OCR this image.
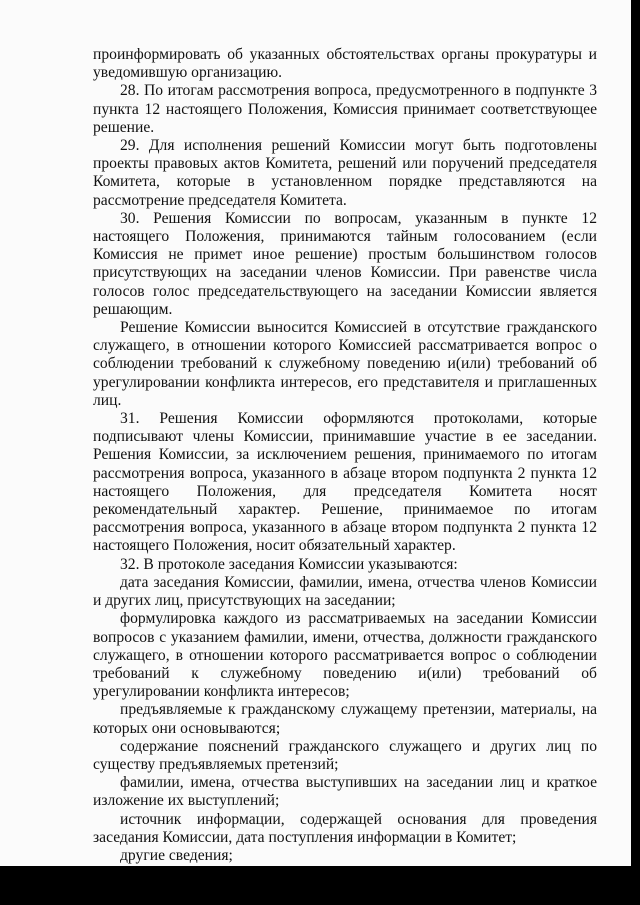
проинформировать об указанных обстоятельствах органы прокуратуры и уведомившую организацию.

28. По итогам рассмотрения вопроса, предусмотренного в подпункте 3 пункта 12 настоящего Положения, Комиссия принимает соответствующее решение.

29. Для исполнения решений Комиссии могут быть подготовлены проекты правовых актов Комитета, решений или поручений председателя Комитета, которые в установленном порядке представляются на рассмотрение председателя Комитета.

30. Решения Комиссии по вопросам, указанным в пункте 12 настоящего Положения, принимаются тайным голосованием (если Комиссия не примет иное решение) простым большинством голосов присутствующих на заседании членов Комиссии. При равенстве числа голосов голос председательствующего на заседании Комиссии является решающим.

Решение Комиссии выносится Комиссией в отсутствие гражданского служащего, в отношении которого Комиссией рассматривается вопрос о соблюдении требований к служебному поведению и(или) требований об урегулировании конфликта интересов, его представителя и приглашенных лиц.

31. Решения Комиссии оформляются протоколами, которые подписывают члены Комиссии, принимавшие участие в ее заседании. Решения Комиссии, за исключением решения, принимаемого по итогам рассмотрения вопроса, указанного в абзаце втором подпункта 2 пункта 12 настоящего Положения, для председателя Комитета носят рекомендательный характер. Решение, принимаемое по итогам рассмотрения вопроса, указанного в абзаце втором подпункта 2 пункта 12 настоящего Положения, носит обязательный характер.

32. В протоколе заседания Комиссии указываются:

дата заседания Комиссии, фамилии, имена, отчества членов Комиссии и других лиц, присутствующих на заседании;

формулировка каждого из рассматриваемых на заседании Комиссии вопросов с указанием фамилии, имени, отчества, должности гражданского служащего, в отношении которого рассматривается вопрос о соблюдении требований к служебному поведению и(или) требований об урегулировании конфликта интересов;

предъявляемые к гражданскому служащему претензии, материалы, на которых они основываются;

содержание пояснений гражданского служащего и других лиц по существу предъявляемых претензий;

фамилии, имена, отчества выступивших на заседании лиц и краткое изложение их выступлений;

источник информации, содержащей основания для проведения заседания Комиссии, дата поступления информации в Комитет;

другие сведения;
